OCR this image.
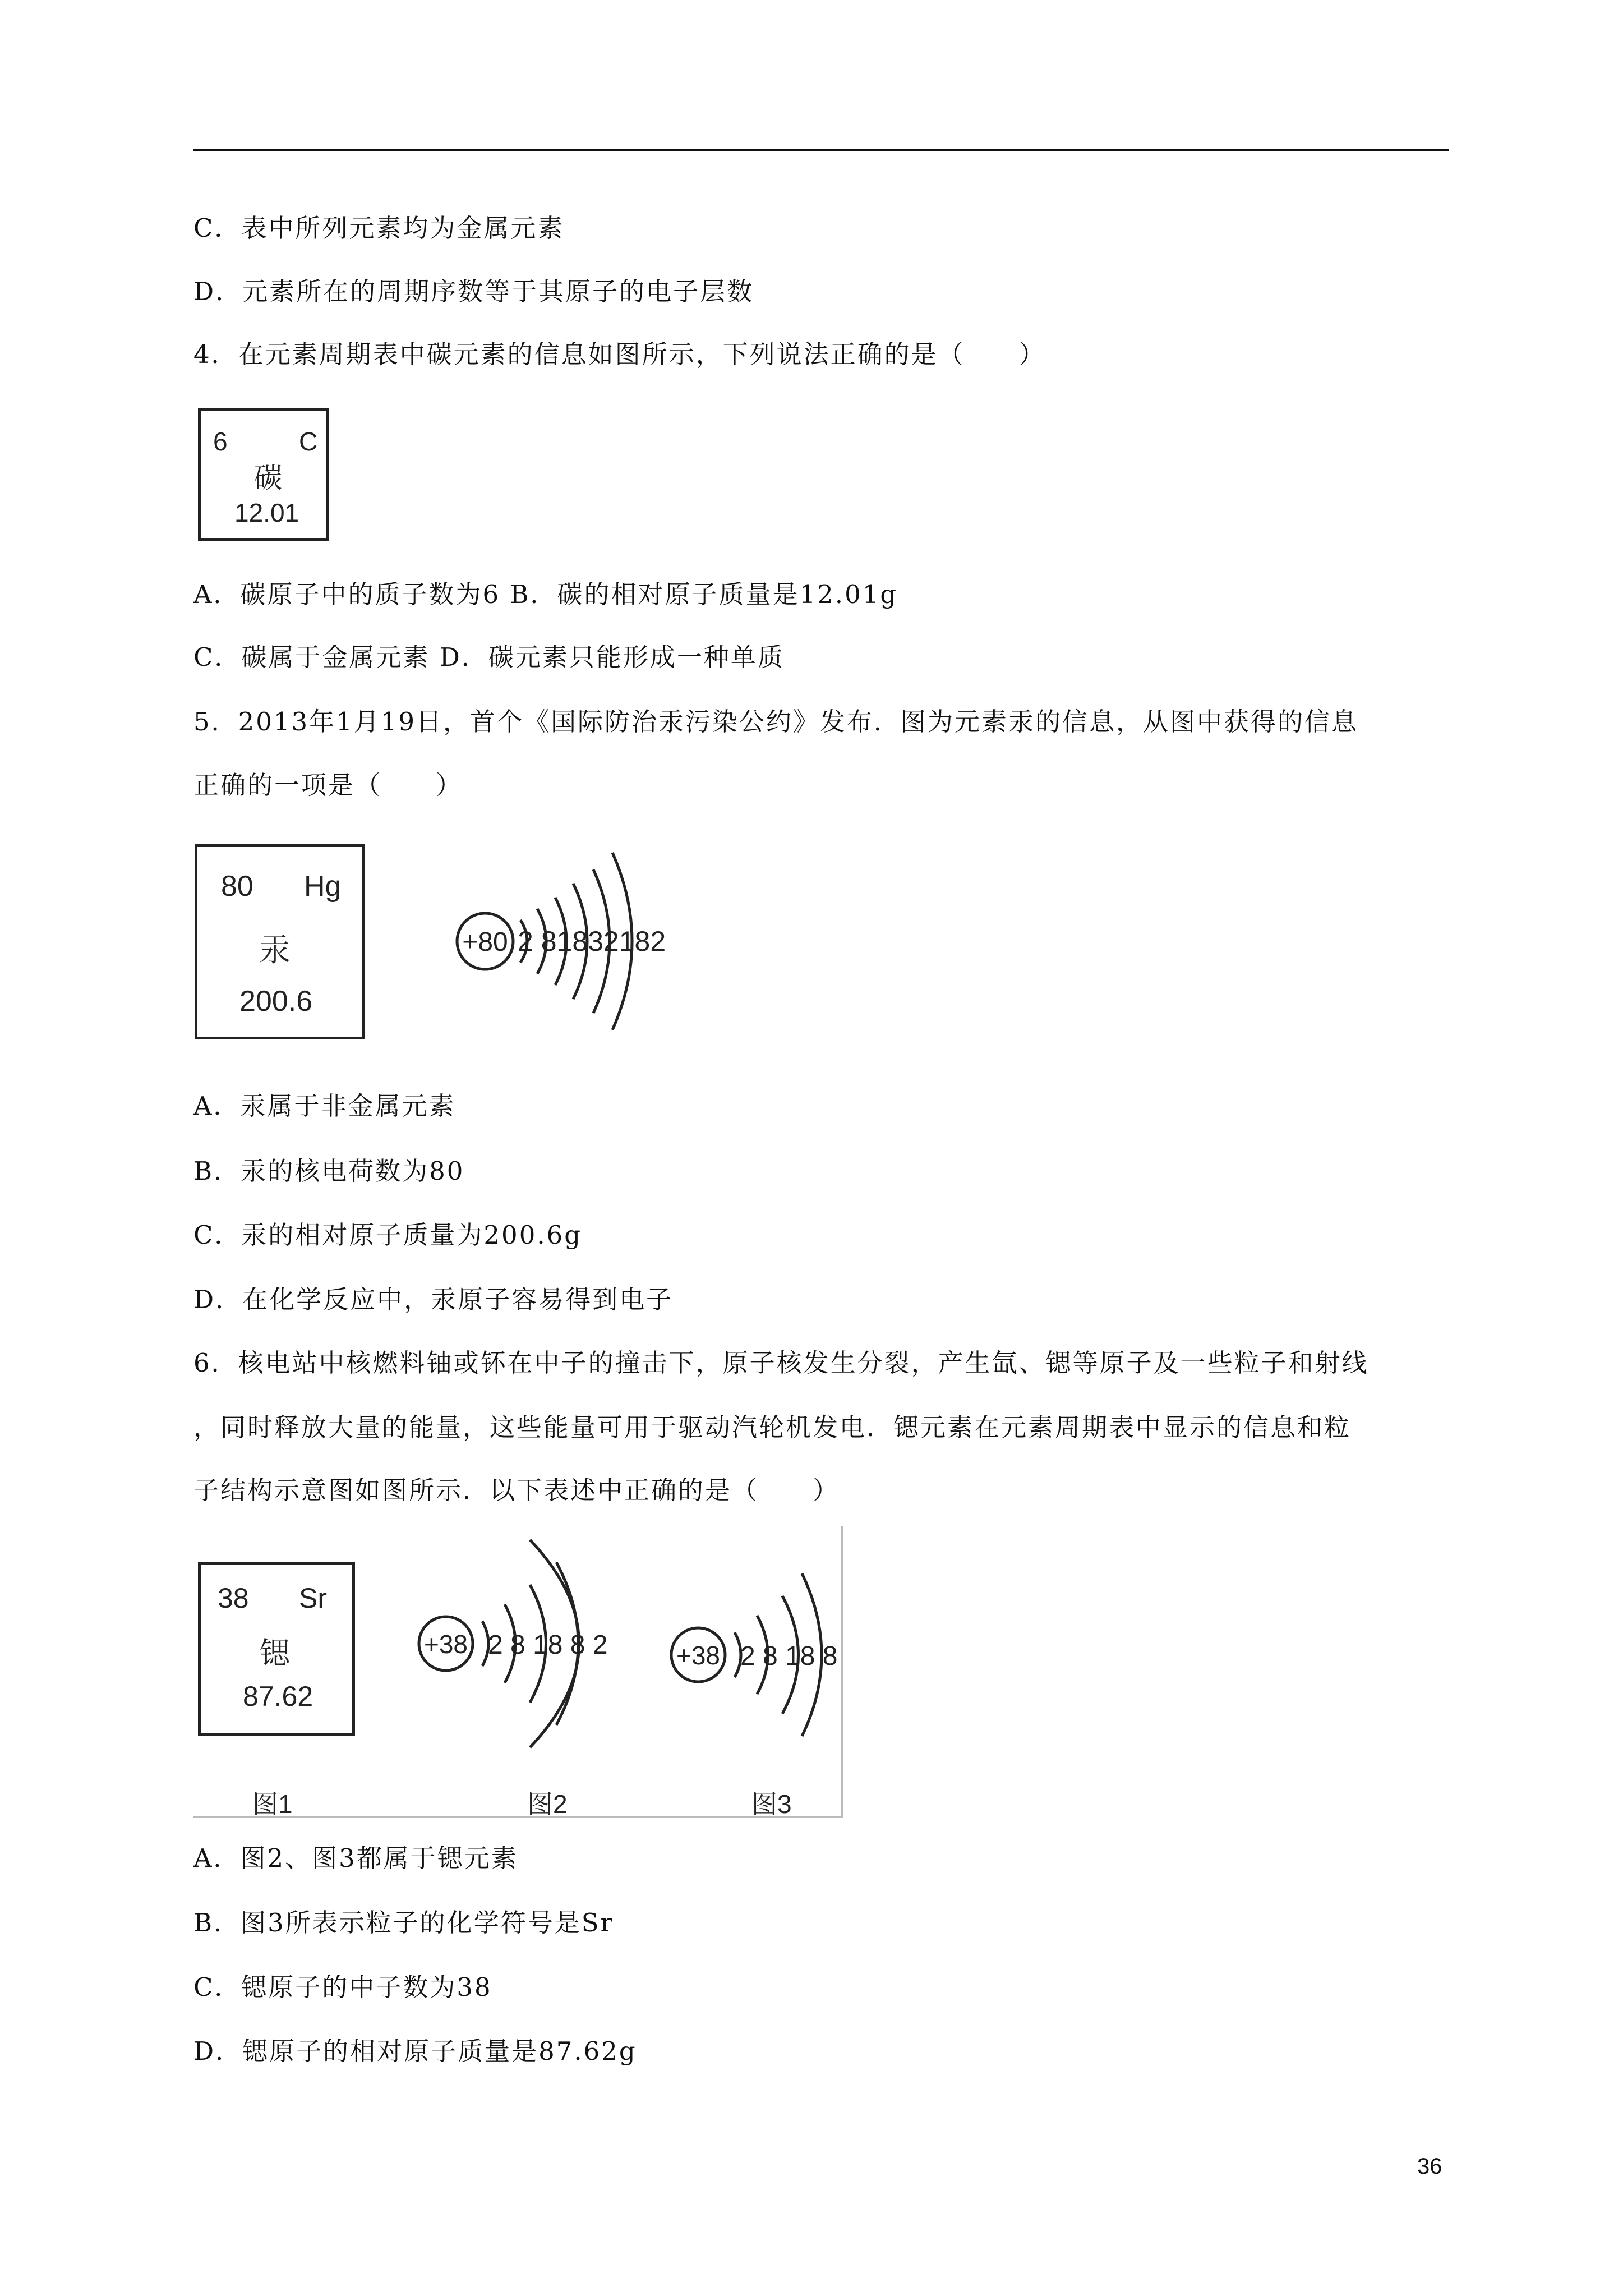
C．表中所列元素均为金属元素
D．元素所在的周期序数等于其原子的电子层数
4．在元素周期表中碳元素的信息如图所示，下列说法正确的是（　　）
6	C
碳
12.01
A．碳原子中的质子数为6 B．碳的相对原子质量是12.01g
C．碳属于金属元素 D．碳元素只能形成一种单质
5．2013年1月19日，首个《国际防治汞污染公约》发布．图为元素汞的信息，从图中获得的信息
正确的一项是（　　）
80 Hg
汞
200.6
+80 2 81832182
A．汞属于非金属元素
B．汞的核电荷数为80
C．汞的相对原子质量为200.6g
D．在化学反应中，汞原子容易得到电子
6．核电站中核燃料铀或钚在中子的撞击下，原子核发生分裂，产生氙、锶等原子及一些粒子和射线
，同时释放大量的能量，这些能量可用于驱动汽轮机发电．锶元素在元素周期表中显示的信息和粒
子结构示意图如图所示．以下表述中正确的是（　　）
38 Sr
锶
87.62
+38 2 8 18 8 2	+38 2 8 18 8
图1	图2	图3
A．图2、图3都属于锶元素
B．图3所表示粒子的化学符号是Sr
C．锶原子的中子数为38
D．锶原子的相对原子质量是87.62g
36
